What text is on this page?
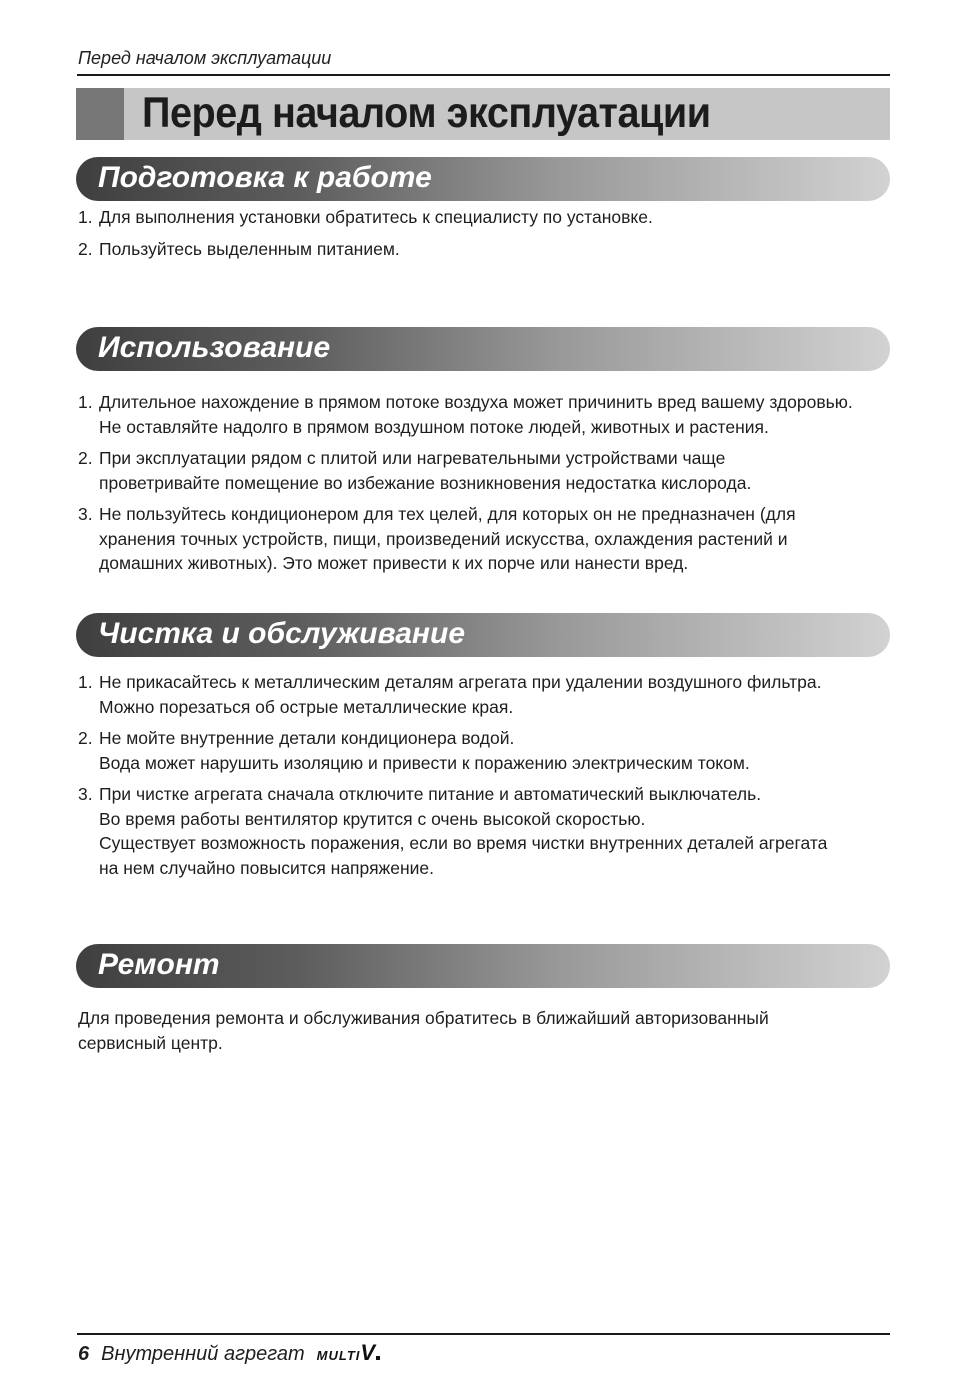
Перед началом эксплуатации
Перед началом эксплуатации
Подготовка к работе
1. Для выполнения установки обратитесь к специалисту по установке.
2. Пользуйтесь выделенным питанием.
Использование
1. Длительное нахождение в прямом потоке воздуха может причинить вред вашему здоровью.
Не оставляйте надолго в прямом воздушном потоке людей, животных и растения.
2. При эксплуатации рядом с плитой или нагревательными устройствами чаще
проветривайте помещение во избежание возникновения недостатка кислорода.
3. Не пользуйтесь кондиционером для тех целей, для которых он не предназначен (для
хранения точных устройств, пищи, произведений искусства, охлаждения растений и
домашних животных). Это может привести к их порче или нанести вред.
Чистка и обслуживание
1. Не прикасайтесь к металлическим деталям агрегата при удалении воздушного фильтра.
Можно порезаться об острые металлические края.
2. Не мойте внутренние детали кондиционера водой.
Вода может нарушить изоляцию и привести к поражению электрическим током.
3. При чистке агрегата сначала отключите питание и автоматический выключатель.
Во время работы вентилятор крутится с очень высокой скоростью.
Существует возможность поражения, если во время чистки внутренних деталей агрегата
на нем случайно повысится напряжение.
Ремонт
Для проведения ремонта и обслуживания обратитесь в ближайший авторизованный
сервисный центр.
6 Внутренний агрегат MULTIV
